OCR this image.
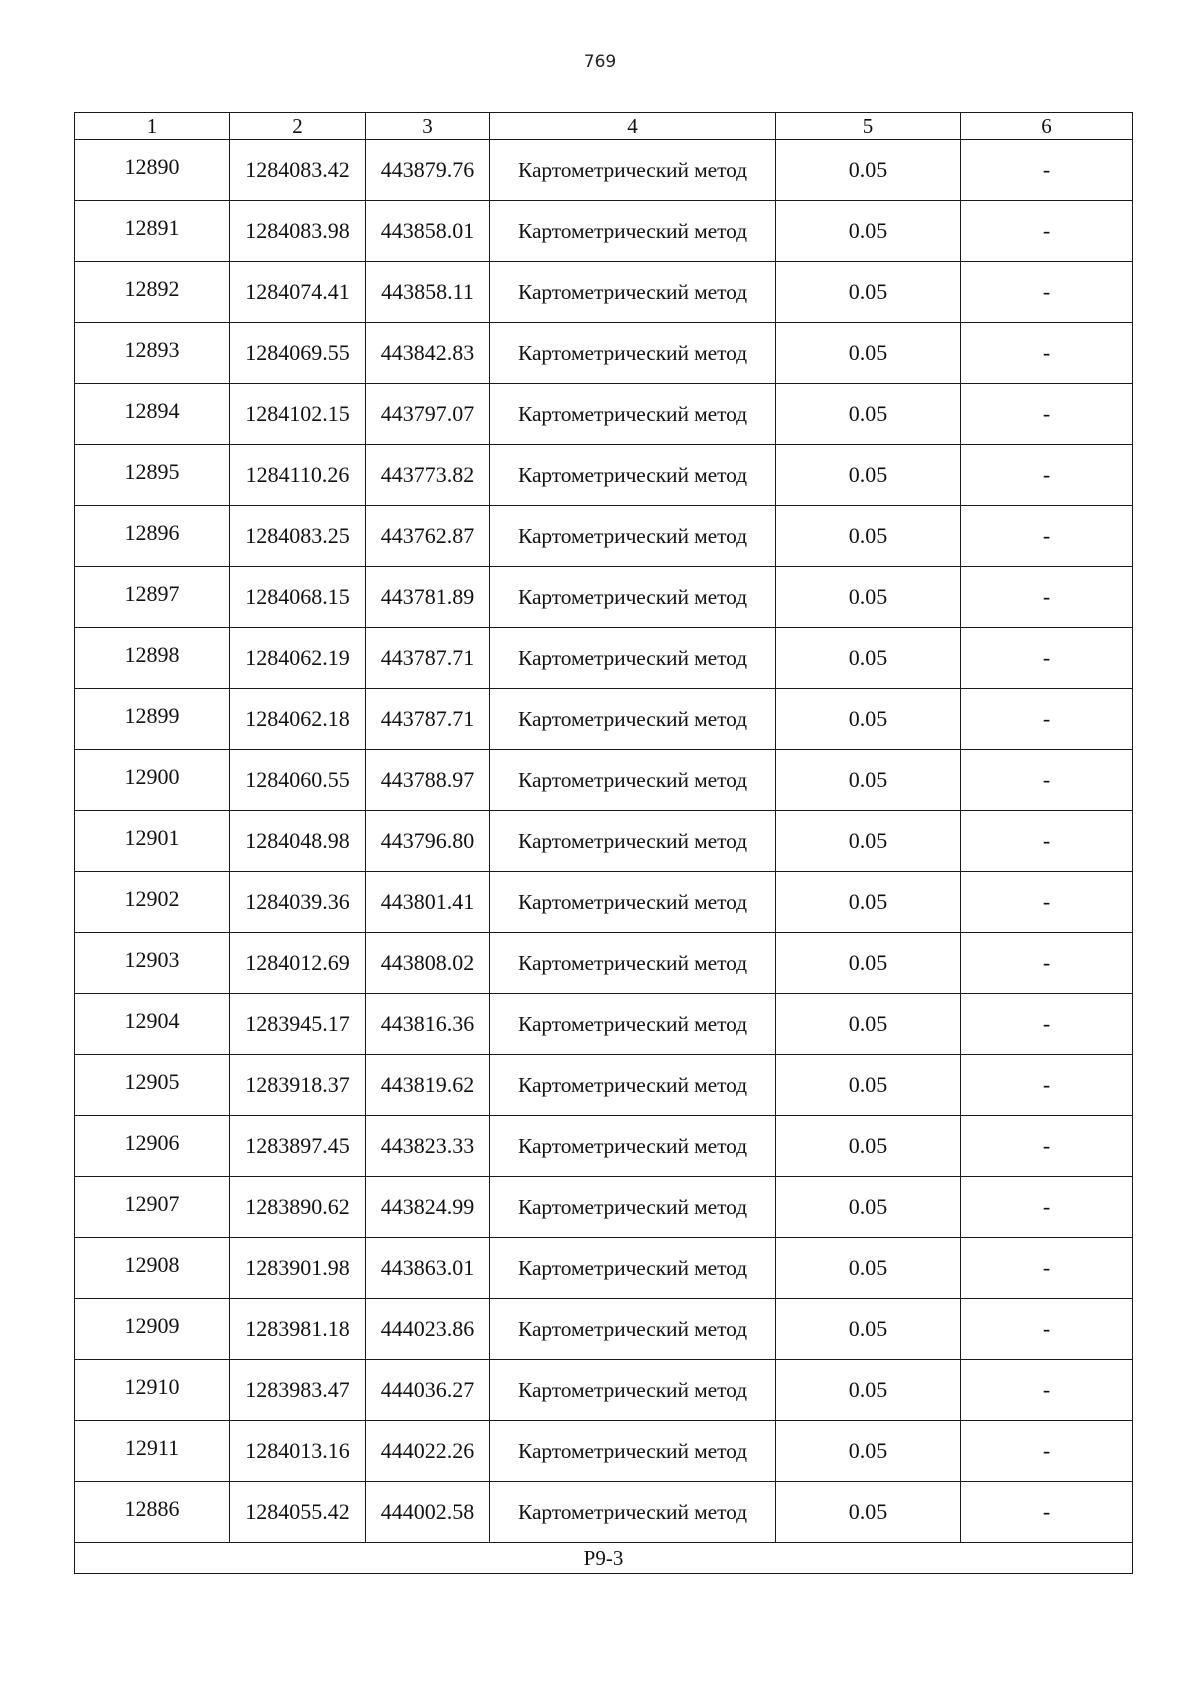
769
1	2	3	4	5	6
12890	1284083.42	443879.76	Картометрический метод	0.05	-
12891	1284083.98	443858.01	Картометрический метод	0.05	-
12892	1284074.41	443858.11	Картометрический метод	0.05	-
12893	1284069.55	443842.83	Картометрический метод	0.05	-
12894	1284102.15	443797.07	Картометрический метод	0.05	-
12895	1284110.26	443773.82	Картометрический метод	0.05	-
12896	1284083.25	443762.87	Картометрический метод	0.05	-
12897	1284068.15	443781.89	Картометрический метод	0.05	-
12898	1284062.19	443787.71	Картометрический метод	0.05	-
12899	1284062.18	443787.71	Картометрический метод	0.05	-
12900	1284060.55	443788.97	Картометрический метод	0.05	-
12901	1284048.98	443796.80	Картометрический метод	0.05	-
12902	1284039.36	443801.41	Картометрический метод	0.05	-
12903	1284012.69	443808.02	Картометрический метод	0.05	-
12904	1283945.17	443816.36	Картометрический метод	0.05	-
12905	1283918.37	443819.62	Картометрический метод	0.05	-
12906	1283897.45	443823.33	Картометрический метод	0.05	-
12907	1283890.62	443824.99	Картометрический метод	0.05	-
12908	1283901.98	443863.01	Картометрический метод	0.05	-
12909	1283981.18	444023.86	Картометрический метод	0.05	-
12910	1283983.47	444036.27	Картометрический метод	0.05	-
12911	1284013.16	444022.26	Картометрический метод	0.05	-
12886	1284055.42	444002.58	Картометрический метод	0.05	-
Р9-3					
